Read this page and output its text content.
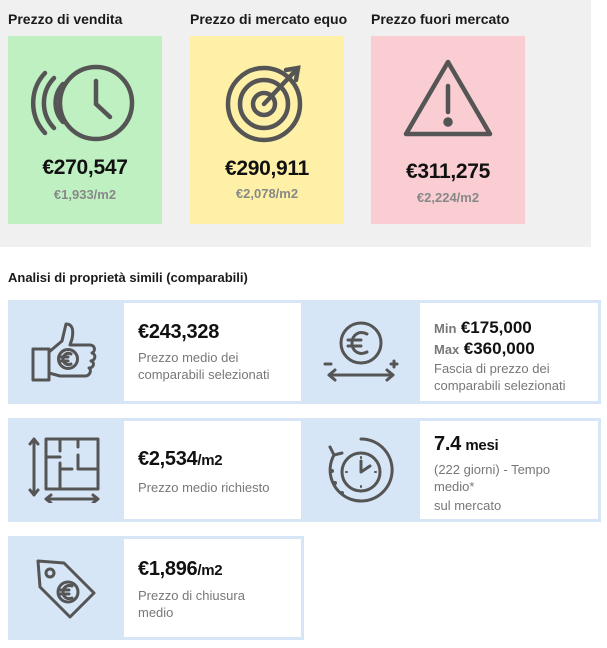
Prezzo di vendita	Prezzo di mercato equo Prezzo fuori mercato
€270,547
€1,933/m2
€290,911
€2,078/m2
€311,275
€2,224/m2
Analisi di proprietà simili (comparabili)
€243,328
Prezzo medio dei comparabili selezionati
Min €175,000
Max €360,000
Fascia di prezzo dei comparabili selezionati
€2,534/m2
Prezzo medio richiesto
7.4 mesi
(222 giorni) - Tempo medio*
sul mercato
€1,896/m2
Prezzo di chiusura medio
